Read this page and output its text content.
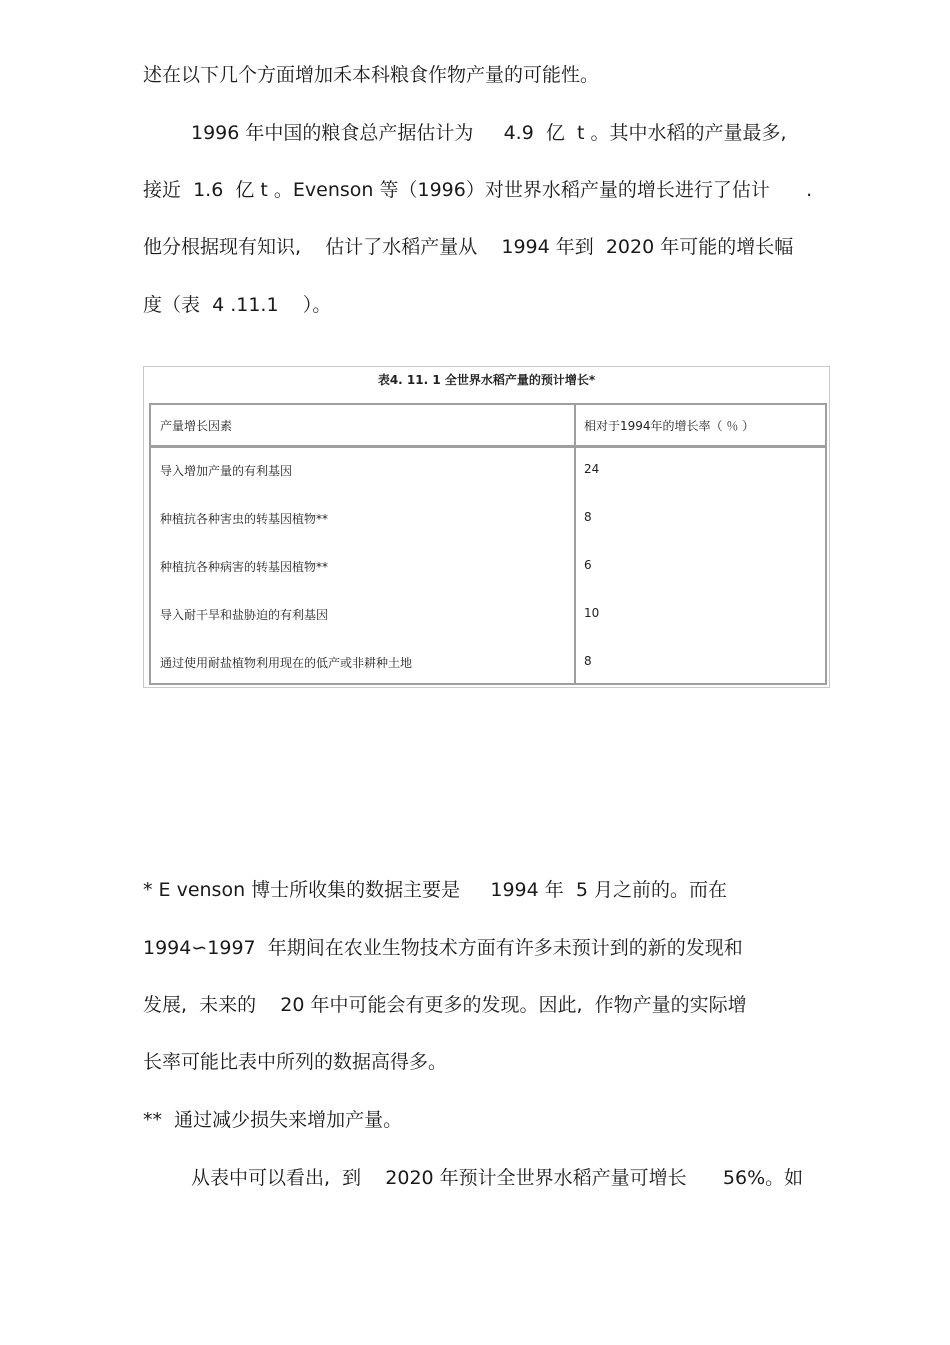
述在以下几个方面增加禾本科粮食作物产量的可能性。
1996 年中国的粮食总产据估计为     4.9  亿  t 。其中水稻的产量最多,
接近  1.6  亿 t 。Evenson 等（1996）对世界水稻产量的增长进行了估计      .
他分根据现有知识,    估计了水稻产量从    1994 年到  2020 年可能的增长幅
度（表  4 .11.1    ）。
表4. 11. 1 全世界水稻产量的预计增长*
产量增长因素	相对于1994年的增长率（ ％ ）
导入增加产量的有利基因	24
种植抗各种害虫的转基因植物**	8
种植抗各种病害的转基因植物**	6
导入耐干旱和盐胁迫的有利基因	10
通过使用耐盐植物利用现在的低产或非耕种土地	8
* E venson 博士所收集的数据主要是     1994 年  5 月之前的。而在
1994∽1997  年期间在农业生物技术方面有许多未预计到的新的发现和
发展,  未来的    20 年中可能会有更多的发现。因此,  作物产量的实际增
长率可能比表中所列的数据高得多。
**  通过减少损失来增加产量。
从表中可以看出,  到    2020 年预计全世界水稻产量可增长      56%。如
